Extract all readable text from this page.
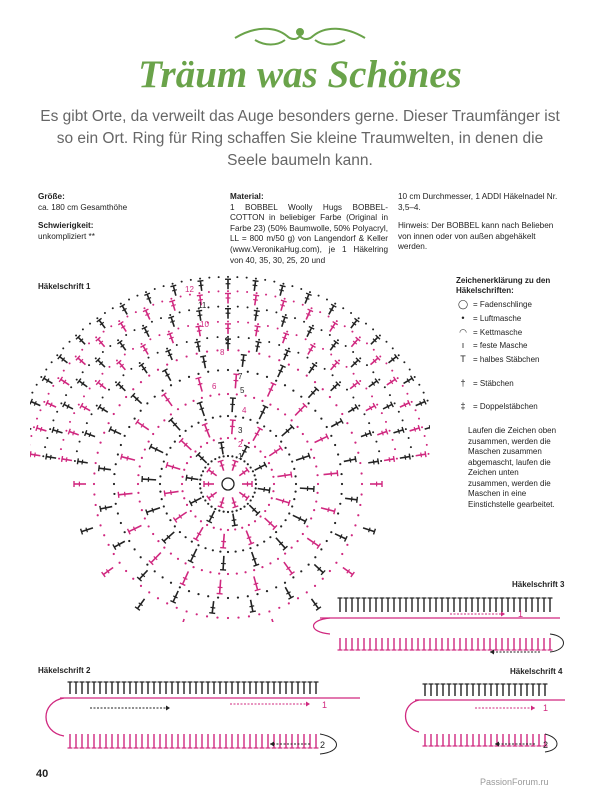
Träum was Schönes
Es gibt Orte, da verweilt das Auge besonders gerne. Dieser Traumfänger ist so ein Ort. Ring für Ring schaffen Sie kleine Traumwelten, in denen die Seele baumeln kann.
Größe:
ca. 180 cm Gesamthöhe
Schwierigkeit:
unkompliziert **
Material:
1 BOBBEL Woolly Hugs BOBBEL-COTTON in beliebiger Farbe (Original in Farbe 23) (50% Baumwolle, 50% Polyacryl, LL = 800 m/50 g) von Langendorf & Keller (www.VeronikaHug.com), je 1 Häkelring von 40, 35, 30, 25, 20 und
10 cm Durchmesser, 1 ADDI Häkelnadel Nr. 3,5–4.
Hinweis: Der BOBBEL kann nach Belieben von innen oder von außen abgehäkelt werden.
Häkelschrift 1
Häkelschrift 2
Häkelschrift 3
Häkelschrift 4
1
2
3
4
5
6
7
8
9
10
11
12
Zeichenerklärung zu den Häkelschriften:
◯ = Fadenschlinge
•	= Luftmasche
◠ = Kettmasche
ı	= feste Masche
T = halbes Stäbchen
† = Stäbchen
‡ = Doppelstäbchen
Laufen die Zeichen oben zusammen, werden die Maschen zusammen abgemascht, laufen die Zeichen unten zusammen, werden die Maschen in eine Einstichstelle gearbeitet.
1
1
2
1
2
40
PassionForum.ru
